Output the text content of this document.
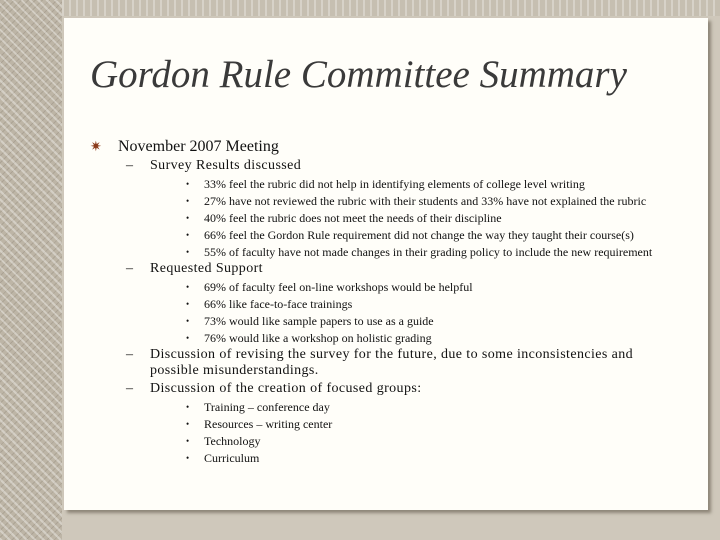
Gordon Rule Committee Summary
✷ November 2007 Meeting
–	Survey Results discussed
•	33% feel the rubric did not help in identifying elements of college level writing
•	27% have not reviewed the rubric with their students and 33% have not explained the rubric
•	40% feel the rubric does not meet the needs of their discipline
•	66% feel the Gordon Rule requirement did not change the way they taught their course(s)
•	55% of faculty have not made changes in their grading policy to include the new requirement
–	Requested Support
•	69% of faculty feel on-line workshops would be helpful
•	66% like face-to-face trainings
•	73% would like sample papers to use as a guide
•	76% would like a workshop on holistic grading
–	Discussion of revising the survey for the future, due to some inconsistencies and possible misunderstandings.
–	Discussion of the creation of focused groups:
•	Training – conference day
•	Resources – writing center
•	Technology
•	Curriculum
